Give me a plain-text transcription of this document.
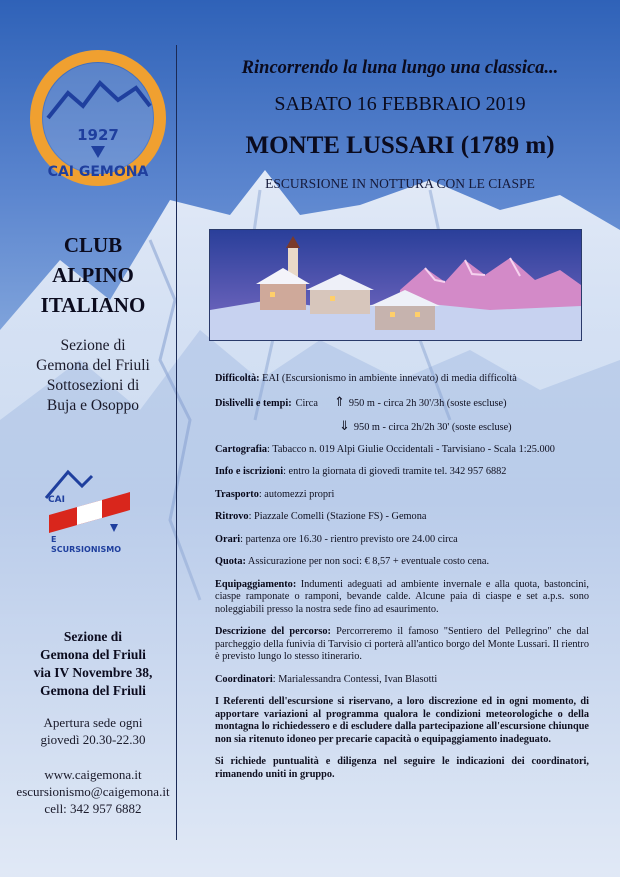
1927
CAI GEMONA
CLUB
ALPINO
ITALIANO
Sezione di
Gemona del Friuli
Sottosezioni di
Buja e Osoppo
CAI
E
SCURSIONISMO
Sezione di
Gemona del Friuli
via IV Novembre 38,
Gemona del Friuli
Apertura sede ogni
giovedì 20.30-22.30
www.caigemona.it
escursionismo@caigemona.it
cell: 342 957 6882
Rincorrendo la luna lungo una classica...
SABATO 16 FEBBRAIO 2019
MONTE LUSSARI (1789 m)
ESCURSIONE IN NOTTURA CON LE CIASPE

Difficoltà: EAI (Escursionismo in ambiente innevato) di media difficoltà

Dislivelli e tempi: Circa ⇑ 950 m - circa 2h 30'/3h (soste escluse)
⇓ 950 m - circa 2h/2h 30' (soste escluse)

Cartografia: Tabacco n. 019 Alpi Giulie Occidentali - Tarvisiano - Scala 1:25.000

Info e iscrizioni: entro la giornata di giovedì tramite tel. 342 957 6882

Trasporto: automezzi propri

Ritrovo: Piazzale Comelli (Stazione FS) - Gemona

Orari: partenza ore 16.30 - rientro previsto ore 24.00 circa

Quota: Assicurazione per non soci: € 8,57 + eventuale costo cena.

Equipaggiamento: Indumenti adeguati ad ambiente invernale e alla quota, bastoncini, ciaspe ramponate o ramponi, bevande calde. Alcune paia di ciaspe e set a.p.s. sono noleggiabili presso la nostra sede fino ad esaurimento.

Descrizione del percorso: Percorreremo il famoso "Sentiero del Pellegrino" che dal parcheggio della funivia di Tarvisio ci porterà all'antico borgo del Monte Lussari. Il rientro è previsto lungo lo stesso itinerario.

Coordinatori: Marialessandra Contessi, Ivan Blasotti

I Referenti dell'escursione si riservano, a loro discrezione ed in ogni momento, di apportare variazioni al programma qualora le condizioni meteorologiche o della montagna lo richiedessero e di escludere dalla partecipazione all'escursione chiunque non sia ritenuto idoneo per precarie capacità o equipaggiamento inadeguato.

Si richiede puntualità e diligenza nel seguire le indicazioni dei coordinatori, rimanendo uniti in gruppo.
